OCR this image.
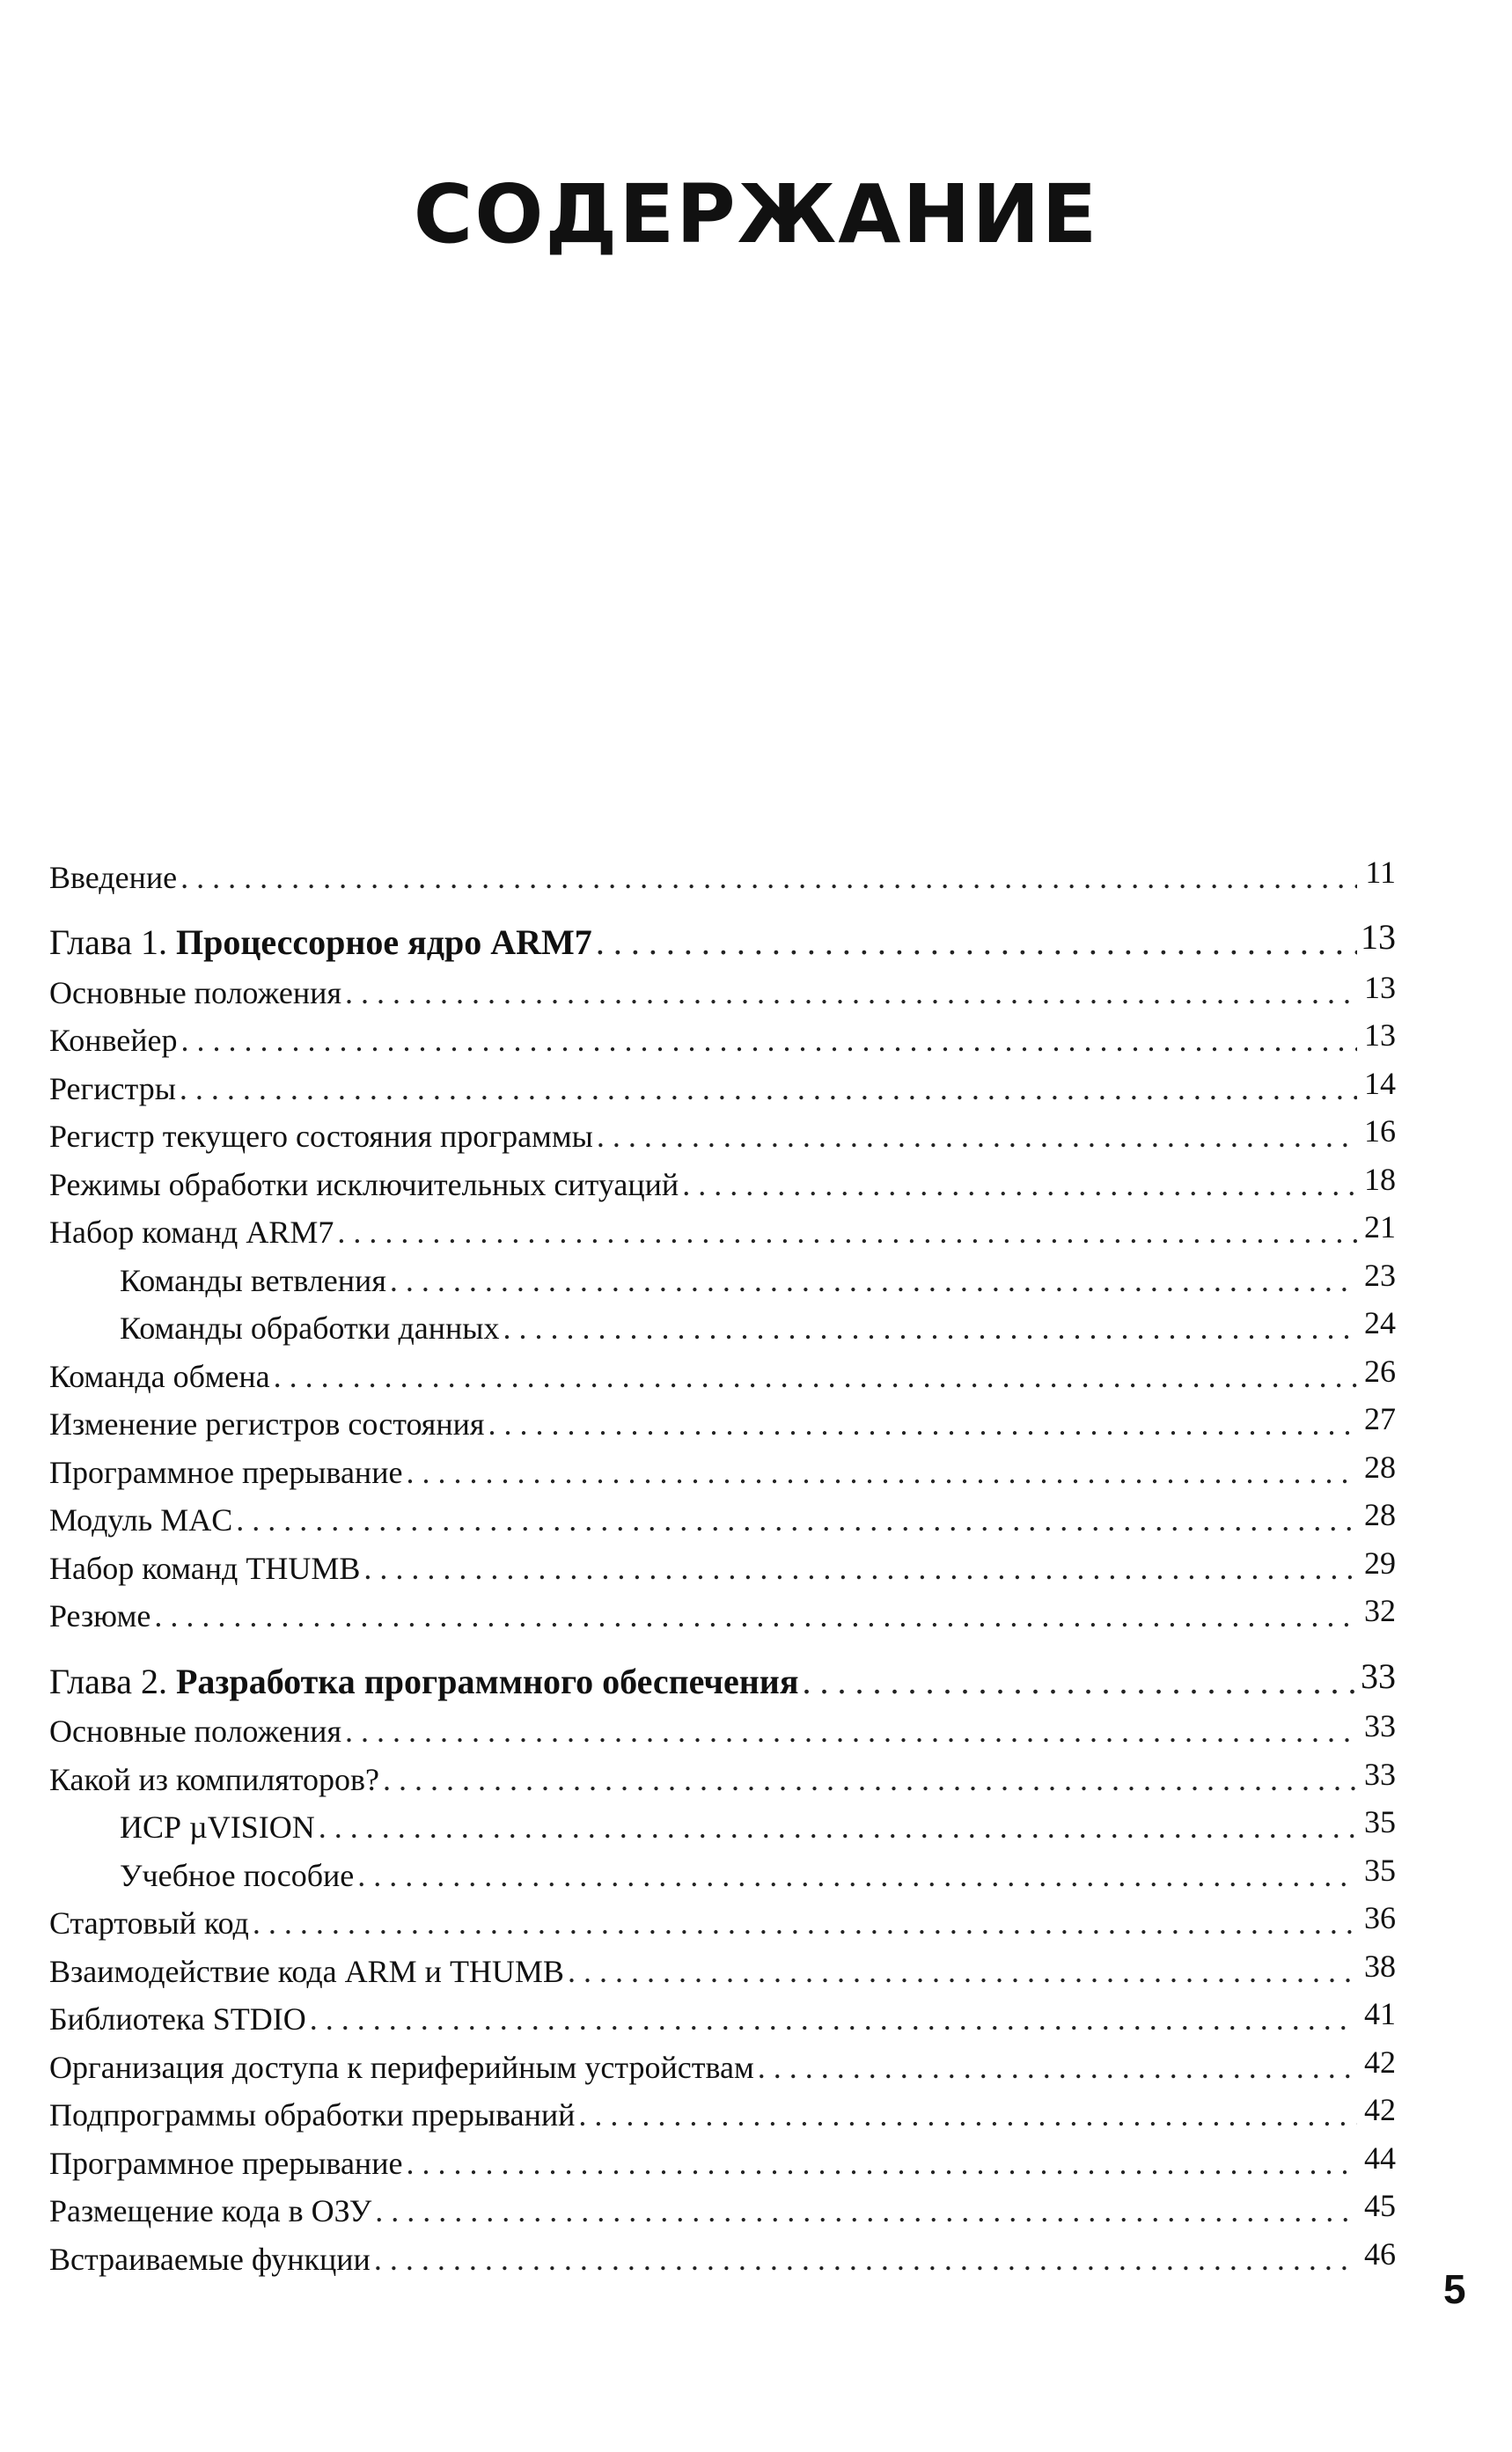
СОДЕРЖАНИЕ
Введение . . .	11
Глава 1. Процессорное ядро ARM7 . . .	13
Основные положения . . .	13
Конвейер . . .	13
Регистры . . .	14
Регистр текущего состояния программы . . .	16
Режимы обработки исключительных ситуаций . . .	18
Набор команд ARM7 . . .	21
Команды ветвления . . .	23
Команды обработки данных . . .	24
Команда обмена . . .	26
Изменение регистров состояния . . .	27
Программное прерывание . . .	28
Модуль MAC . . .	28
Набор команд THUMB . . .	29
Резюме . . .	32
Глава 2. Разработка программного обеспечения . . .	33
Основные положения . . .	33
Какой из компиляторов? . . .	33
ИСР µVISION . . .	35
Учебное пособие . . .	35
Стартовый код . . .	36
Взаимодействие кода ARM и THUMB . . .	38
Библиотека STDIO . . .	41
Организация доступа к периферийным устройствам . . .	42
Подпрограммы обработки прерываний . . .	42
Программное прерывание . . .	44
Размещение кода в ОЗУ . . .	45
Встраиваемые функции . . .	46
5
